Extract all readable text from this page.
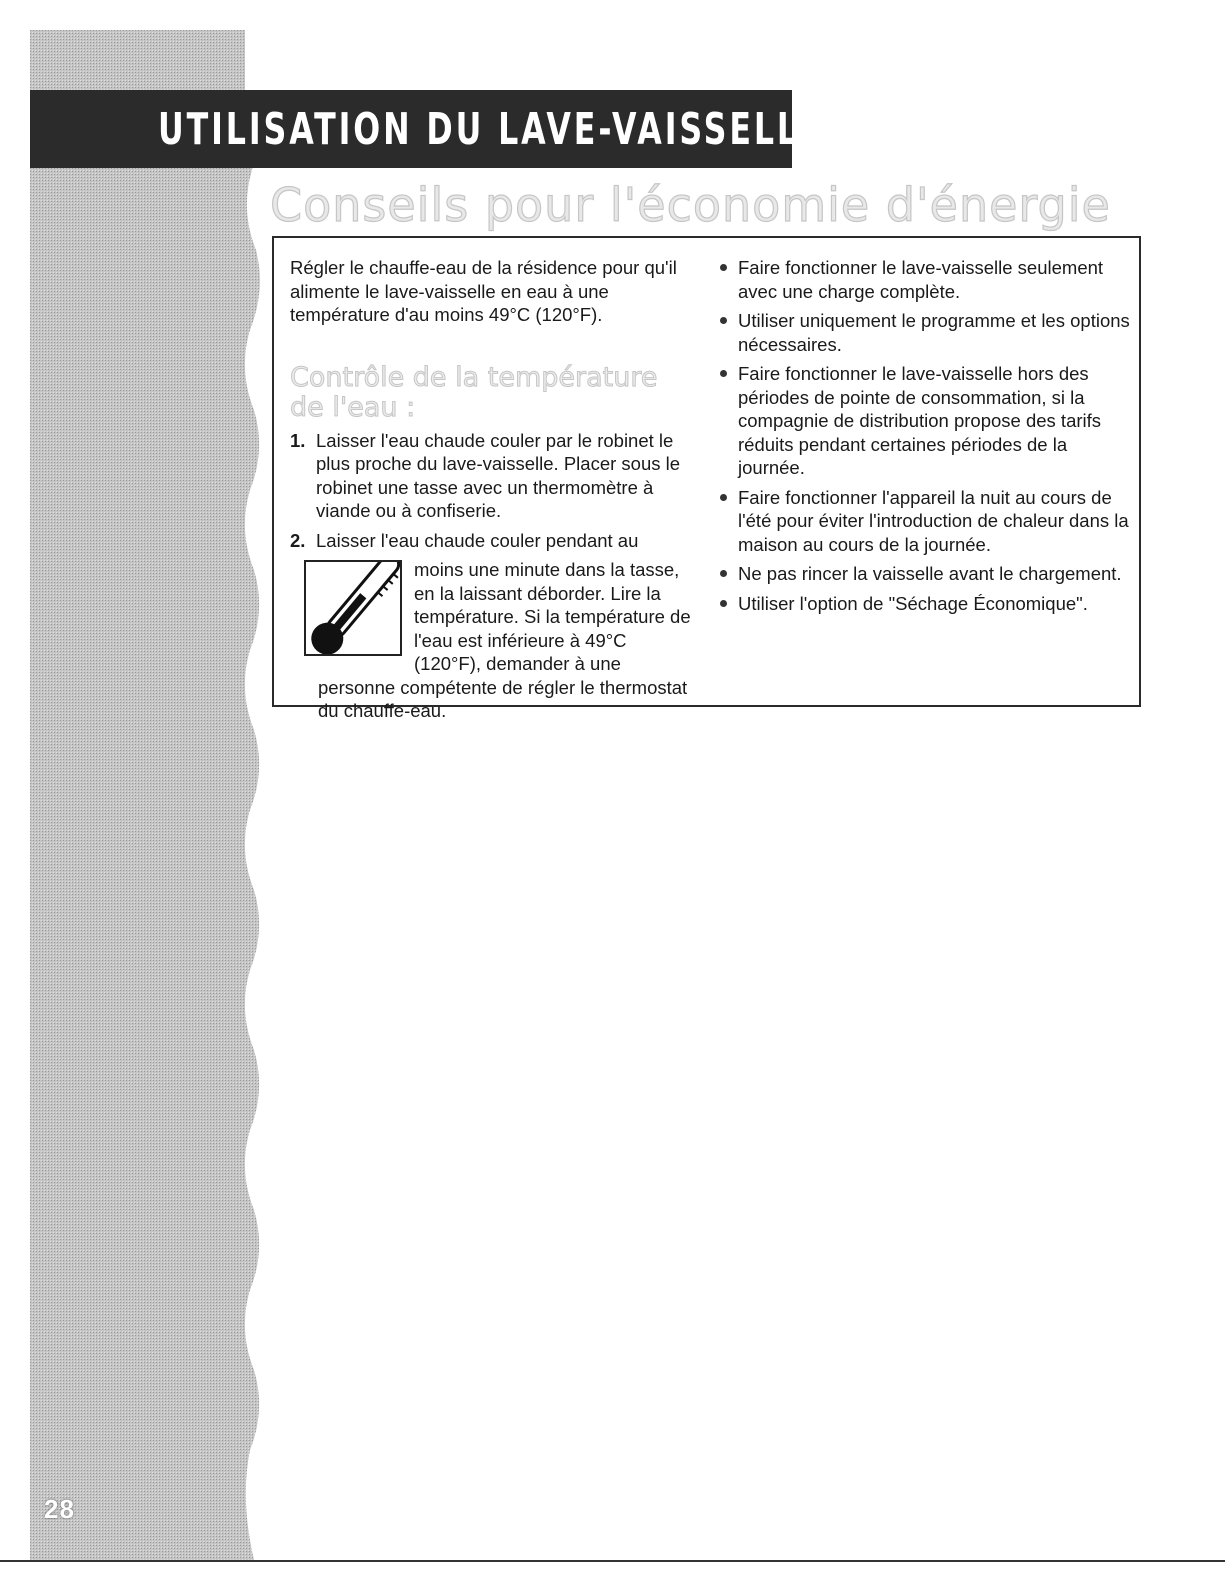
UTILISATION DU LAVE-VAISSELLE
Conseils pour l'économie d'énergie

Régler le chauffe-eau de la résidence pour qu'il alimente le lave-vaisselle en eau à une température d'au moins 49°C (120°F).

Contrôle de la température de l'eau :
1. Laisser l'eau chaude couler par le robinet le plus proche du lave-vaisselle. Placer sous le robinet une tasse avec un thermomètre à viande ou à confiserie.
2. Laisser l'eau chaude couler pendant au
moins une minute dans la tasse, en la laissant déborder. Lire la température. Si la température de l'eau est inférieure à 49°C (120°F), demander à une personne compétente de régler le thermostat du chauffe-eau.
Faire fonctionner le lave-vaisselle seulement avec une charge complète.
Utiliser uniquement le programme et les options nécessaires.
Faire fonctionner le lave-vaisselle hors des périodes de pointe de consommation, si la compagnie de distribution propose des tarifs réduits pendant certaines périodes de la journée.
Faire fonctionner l'appareil la nuit au cours de l'été pour éviter l'introduction de chaleur dans la maison au cours de la journée.
Ne pas rincer la vaisselle avant le chargement.
Utiliser l'option de "Séchage Économique".
28
